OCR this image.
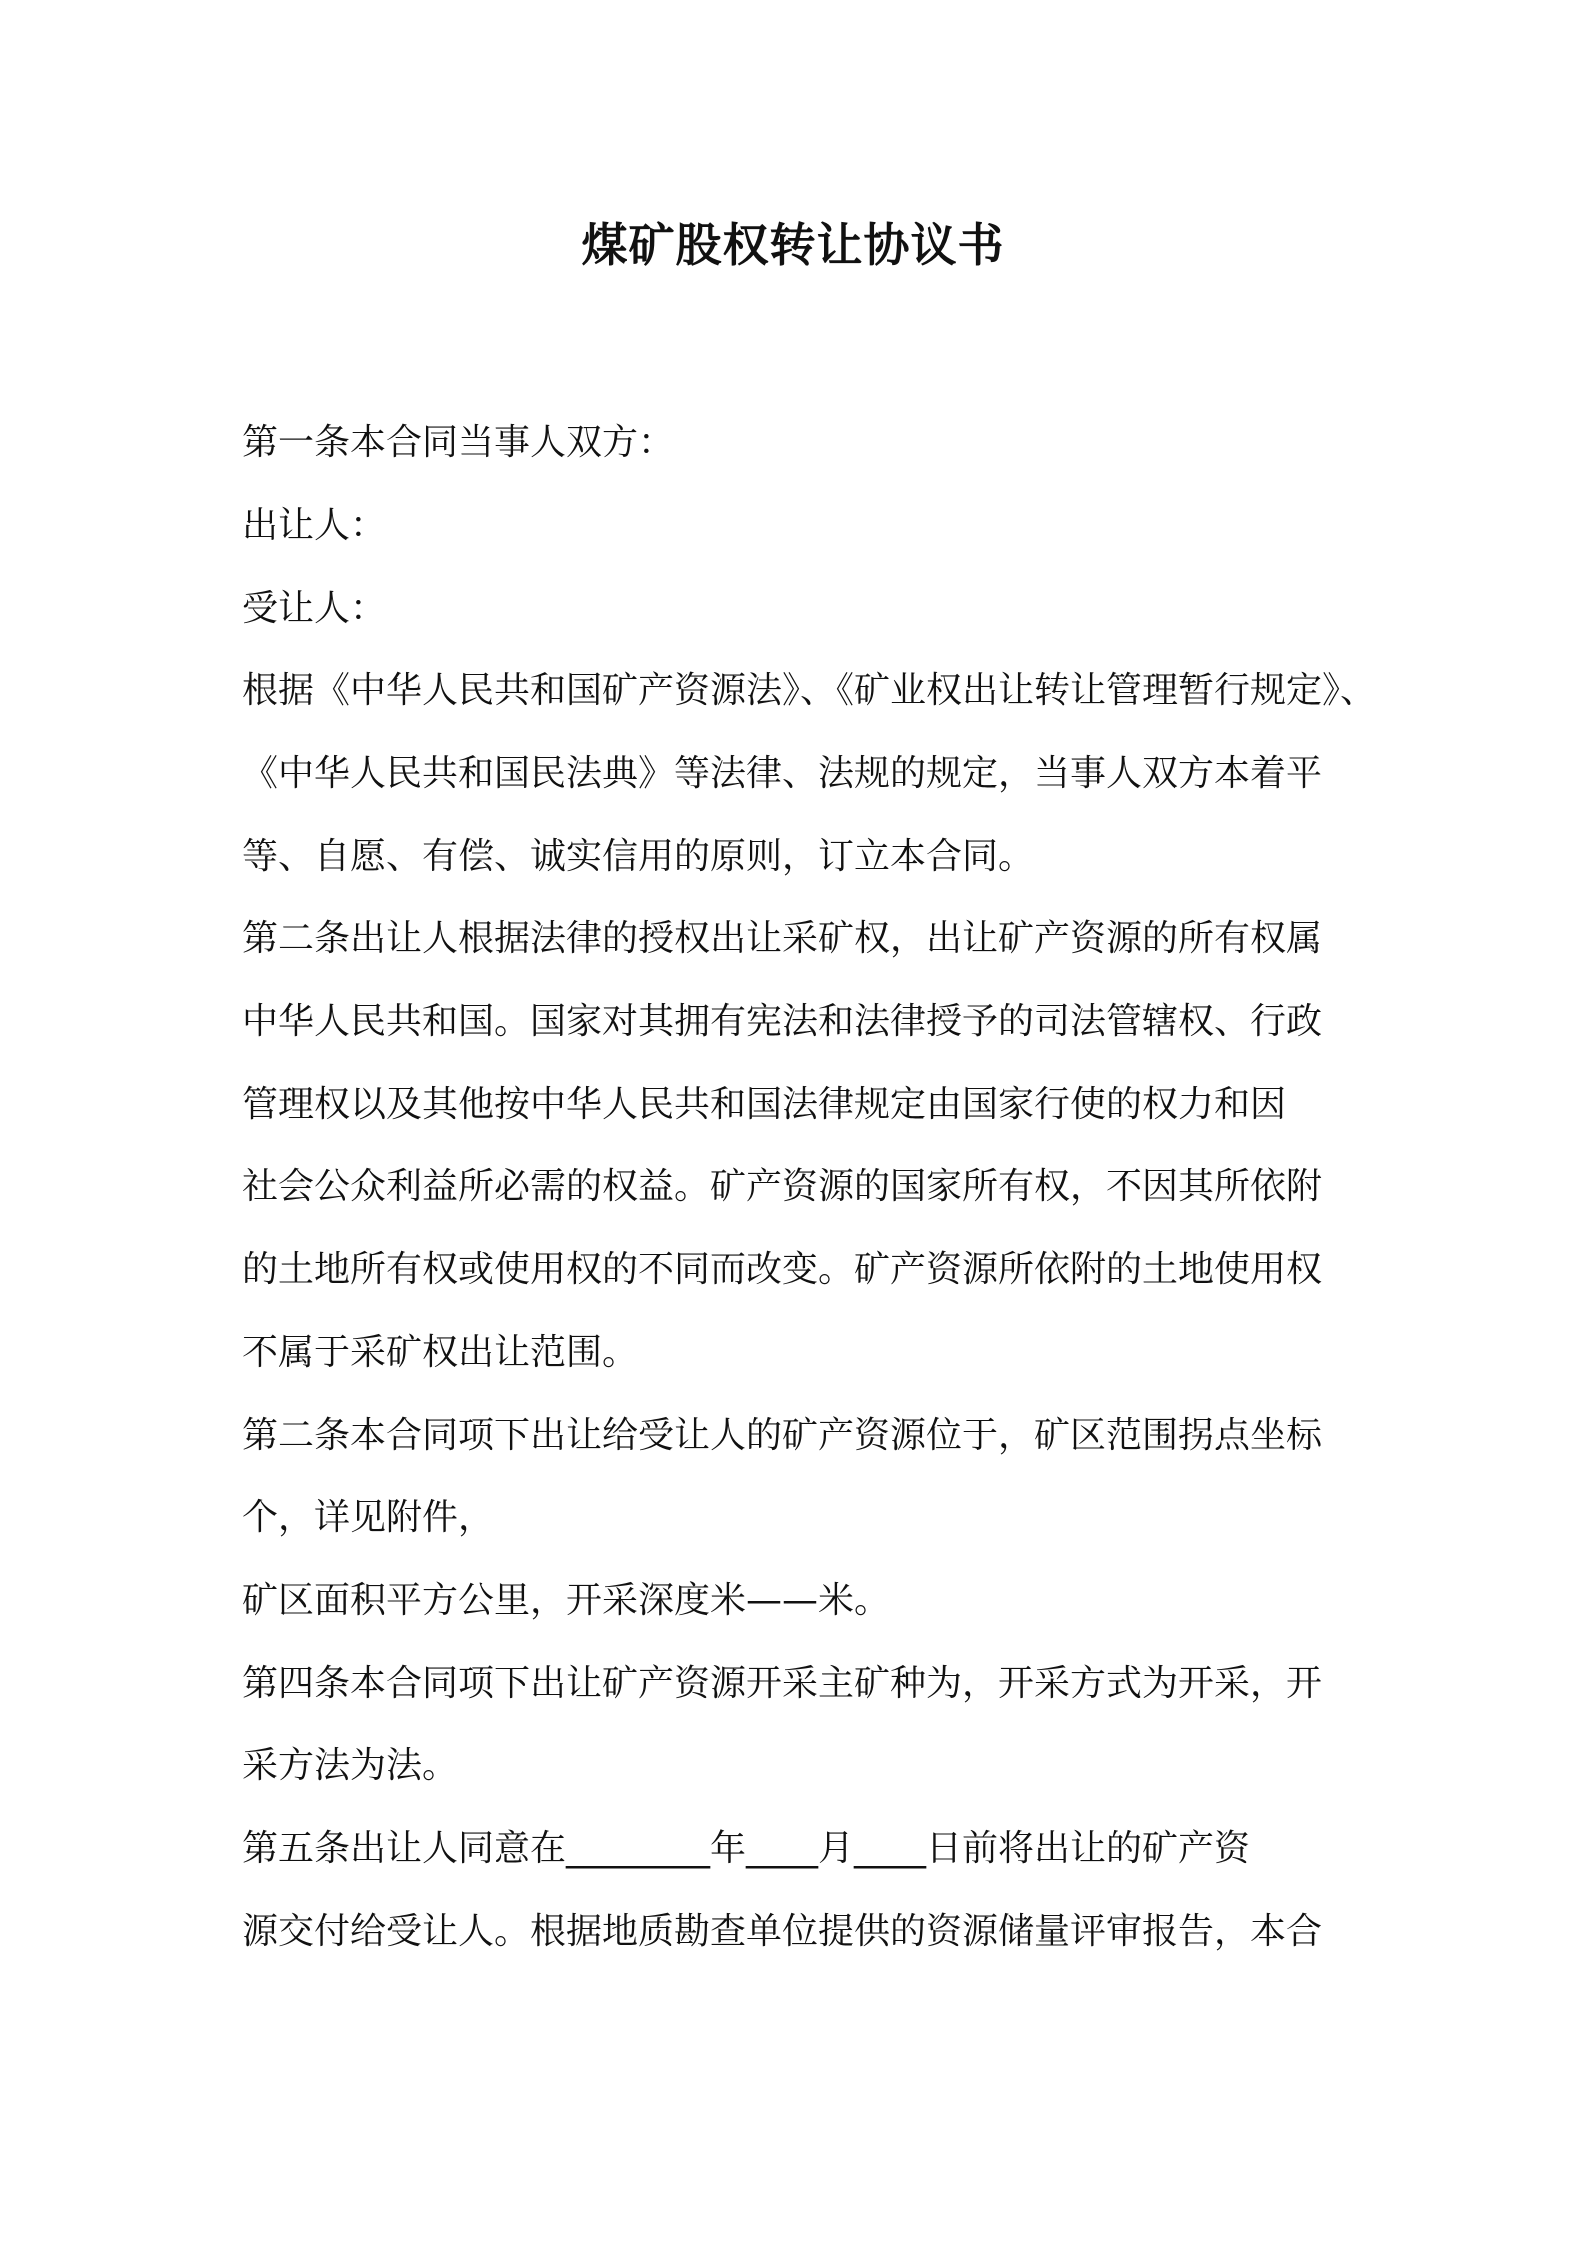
煤矿股权转让协议书
第一条本合同当事人双方：
出让人：
受让人：
根据《中华人民共和国矿产资源法》、《矿业权出让转让管理暂行规定》、
《中华人民共和国民法典》等法律、法规的规定，当事人双方本着平
等、自愿、有偿、诚实信用的原则，订立本合同。
第二条出让人根据法律的授权出让采矿权，出让矿产资源的所有权属
中华人民共和国。国家对其拥有宪法和法律授予的司法管辖权、行政
管理权以及其他按中华人民共和国法律规定由国家行使的权力和因
社会公众利益所必需的权益。矿产资源的国家所有权，不因其所依附
的土地所有权或使用权的不同而改变。矿产资源所依附的土地使用权
不属于采矿权出让范围。
第二条本合同项下出让给受让人的矿产资源位于，矿区范围拐点坐标
个，详见附件，
矿区面积平方公里，开采深度米——米。
第四条本合同项下出让矿产资源开采主矿种为，开采方式为开采，开
采方法为法。
第五条出让人同意在________年____月____日前将出让的矿产资
源交付给受让人。根据地质勘查单位提供的资源储量评审报告，本合
